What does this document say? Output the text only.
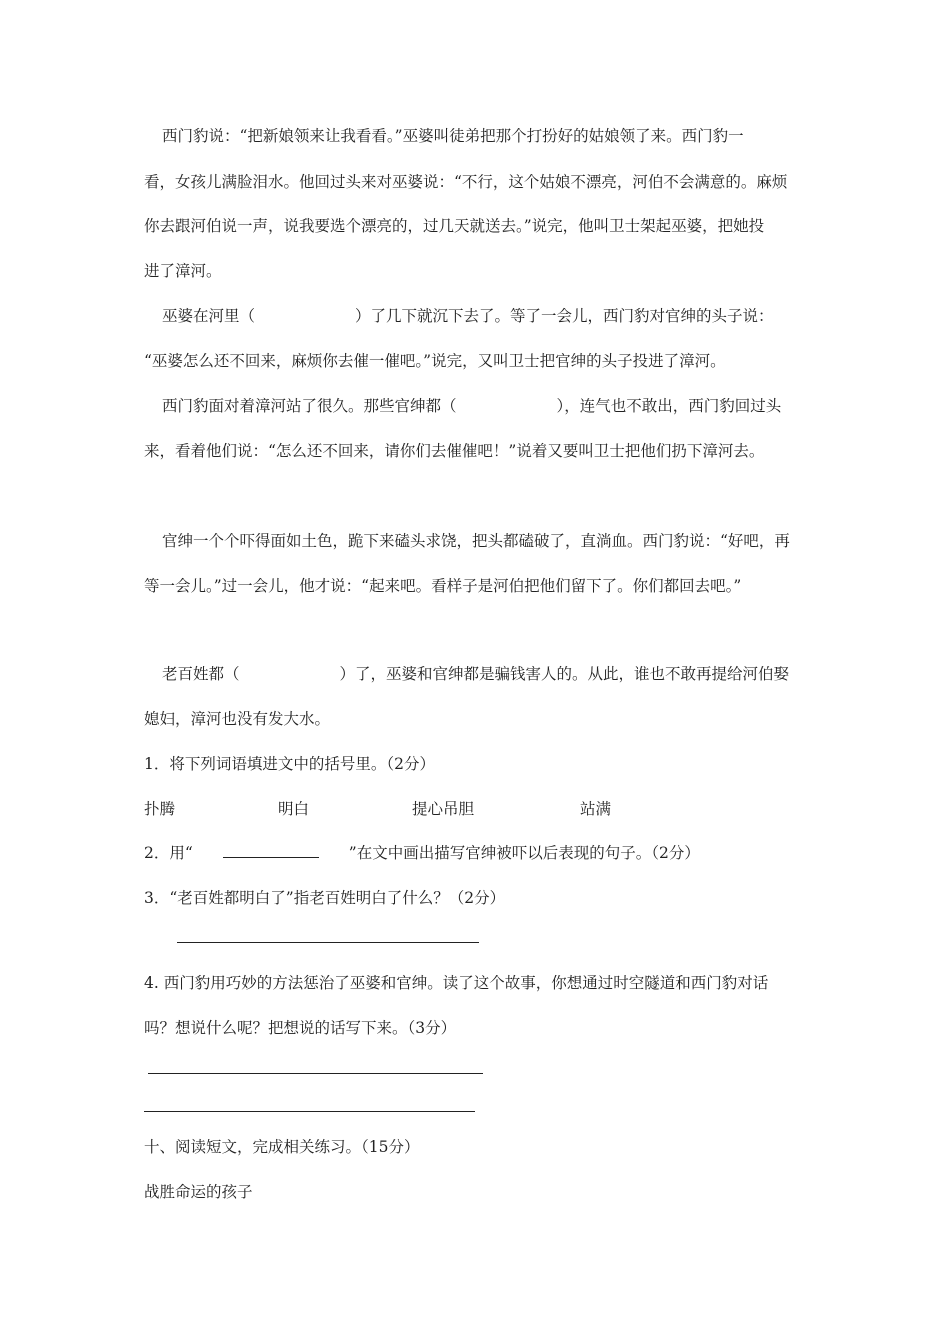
西门豹说：“把新娘领来让我看看。”巫婆叫徒弟把那个打扮好的姑娘领了来。西门豹一
看，女孩儿满脸泪水。他回过头来对巫婆说：“不行，这个姑娘不漂亮，河伯不会满意的。麻烦
你去跟河伯说一声，说我要选个漂亮的，过几天就送去。”说完，他叫卫士架起巫婆，把她投
进了漳河。
巫婆在河里（	）了几下就沉下去了。等了一会儿，西门豹对官绅的头子说：
“巫婆怎么还不回来，麻烦你去催一催吧。”说完，又叫卫士把官绅的头子投进了漳河。
西门豹面对着漳河站了很久。那些官绅都（	），连气也不敢出，西门豹回过头
来，看着他们说：“怎么还不回来，请你们去催催吧！”说着又要叫卫士把他们扔下漳河去。
官绅一个个吓得面如土色，跪下来磕头求饶，把头都磕破了，直淌血。西门豹说：“好吧，再
等一会儿。”过一会儿，他才说：“起来吧。看样子是河伯把他们留下了。你们都回去吧。”
老百姓都（	）了，巫婆和官绅都是骗钱害人的。从此，谁也不敢再提给河伯娶
媳妇，漳河也没有发大水。
1．将下列词语填进文中的括号里。（2分）
扑腾	明白	提心吊胆	站满
2．用“	”在文中画出描写官绅被吓以后表现的句子。（2分）
3．“老百姓都明白了”指老百姓明白了什么？（2分）
4. 西门豹用巧妙的方法惩治了巫婆和官绅。读了这个故事，你想通过时空隧道和西门豹对话
吗？想说什么呢？把想说的话写下来。（3分）
十、阅读短文，完成相关练习。（15分）
战胜命运的孩子
